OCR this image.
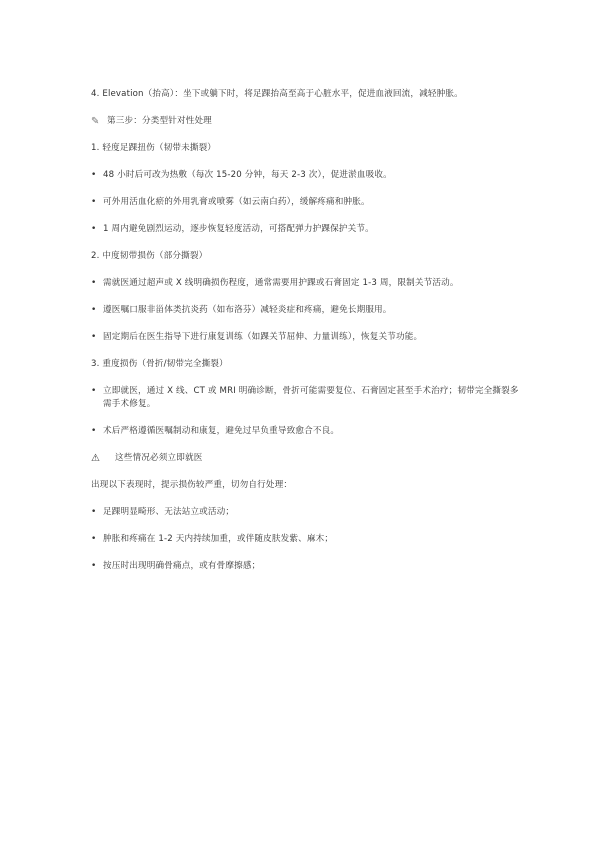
4. Elevation（抬高）：坐下或躺下时，将足踝抬高至高于心脏水平，促进血液回流，减轻肿胀。

✎ 第三步：分类型针对性处理

1. 轻度足踝扭伤（韧带未撕裂）

• 48 小时后可改为热敷（每次 15-20 分钟，每天 2-3 次），促进淤血吸收。
• 可外用活血化瘀的外用乳膏或喷雾（如云南白药），缓解疼痛和肿胀。
• 1 周内避免剧烈运动，逐步恢复轻度活动，可搭配弹力护踝保护关节。

2. 中度韧带损伤（部分撕裂）

• 需就医通过超声或 X 线明确损伤程度，通常需要用护踝或石膏固定 1-3 周，限制关节活动。
• 遵医嘱口服非甾体类抗炎药（如布洛芬）减轻炎症和疼痛，避免长期服用。
• 固定期后在医生指导下进行康复训练（如踝关节屈伸、力量训练），恢复关节功能。

3. 重度损伤（骨折/韧带完全撕裂）

• 立即就医，通过 X 线、CT 或 MRI 明确诊断，骨折可能需要复位、石膏固定甚至手术治疗；韧带完全撕裂多需手术修复。
• 术后严格遵循医嘱制动和康复，避免过早负重导致愈合不良。

⚠	这些情况必须立即就医

出现以下表现时，提示损伤较严重，切勿自行处理：

• 足踝明显畸形、无法站立或活动；
• 肿胀和疼痛在 1-2 天内持续加重，或伴随皮肤发紫、麻木；
• 按压时出现明确骨痛点，或有骨摩擦感；
